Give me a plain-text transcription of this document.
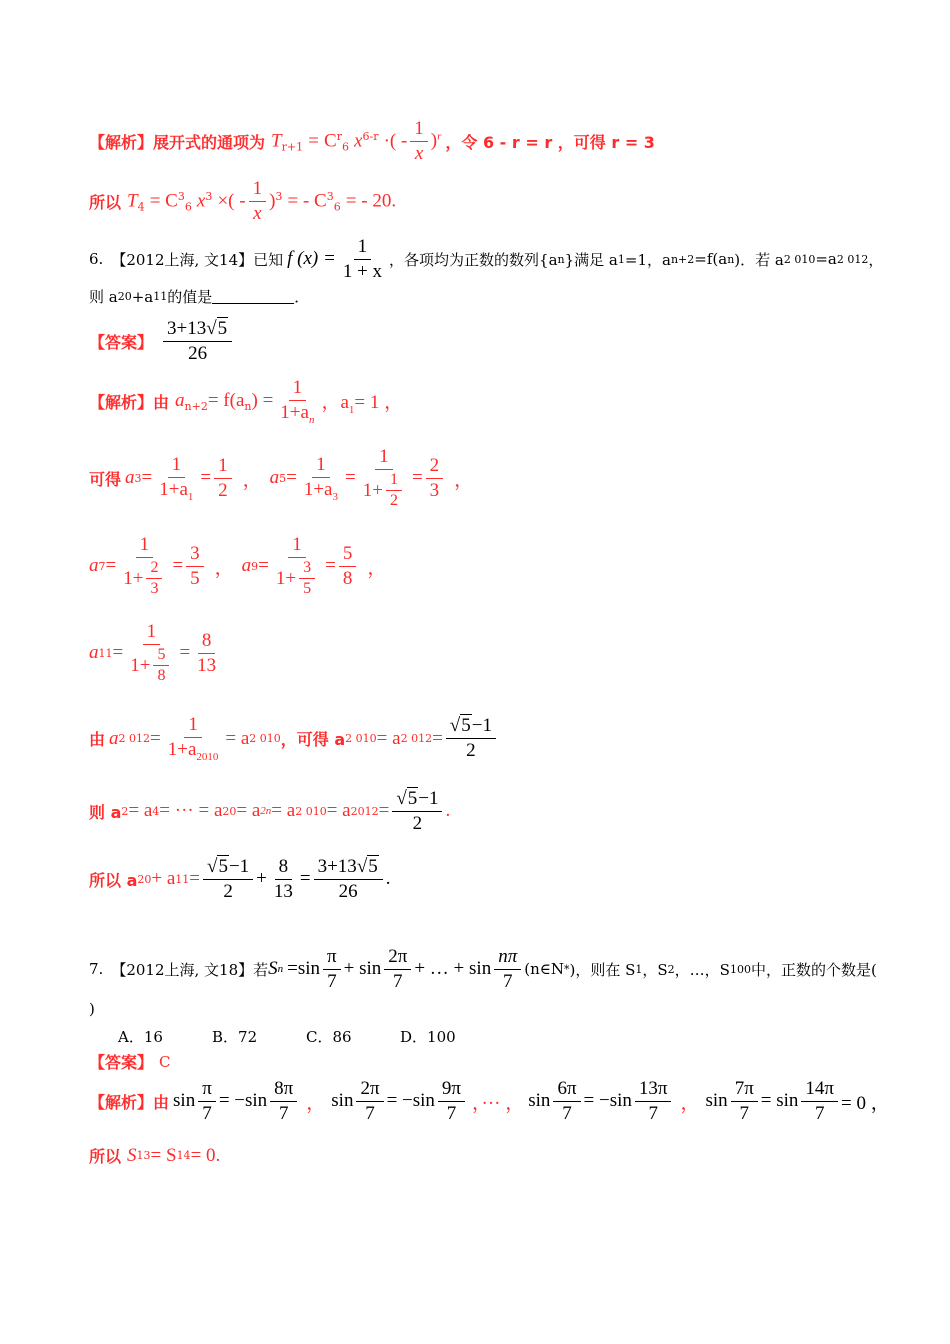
【解析】 展开式的通项为 $T_{r+1} = C^r_6$ $x^{6-r}$ ·( - $\frac{1}{x} )^r$ ，令 6 - r = r ，可得 r = 3
所以 $T_4 = C^3_6$ $x^3$ ×( - $\frac{1}{x} )^3$ = - $C^3_6$ = - 20.
6. 【2012上海, 文14】已知 f $(x) = \frac{1}{1 + x}$ ，各项均为正数的数列{a n }满足 a 1 =1，a n+2 =f(a n )．若 a 2 010 =a 2 012 ，
则 a 20 +a 11 的值是	．
【答案】 $\frac{3+13√5}{26}$
【解析】 由 $a_{n+2}= f(a_n) = \frac{1}{1+a_n}$ ，$a_1= 1$ ，
可得 a $3 = \frac{1}{1+a_1} = \frac{1}{2}$ ， a $5 = \frac{1}{1+a_3} = \frac{1}{1+ \frac{1}{2}} = \frac{2}{3}$ ，
a $7 = \frac{1}{1+ \frac{2}{3}} = \frac{3}{5}$ ， a $9 = \frac{1}{1+ \frac{3}{5}} = \frac{5}{8}$ ，
a $11 = \frac{1}{1+ \frac{5}{8}} = \frac{8}{13}$
由 a 2 $012 = \frac{1}{1+a_{2010}} = a$ 2 010 ，可得 a 2 010 = a 2 $012 = \frac{√5-1}{2}$
则 a 2 = a 4 = ··· = a 20 = a 2n = a 2 010 = a $2012 = \frac{√5-1}{2}$ .
所以 a 20 + a $11 = \frac{√5-1}{2} + \frac{8}{13} = \frac{3+13√5}{26}$ .
7. 【2012上海, 文18】若 S $n =\sin \frac{\pi}{7} + \sin \frac{2\pi}{7}$ + … + $\sin \frac{n\pi}{7}$ (n∈N * )，则在 S 1 ，S 2 ，…，S 100 中，正数的个数是(
)
A．16	B．72	C．86	D．100
【答案】 C
【解析】 由 $\sin \frac{\pi}{7} = -\sin \frac{8\pi}{7}$ ， $\sin \frac{2\pi}{7} = -\sin \frac{9\pi}{7}$ ，··· ， $\sin \frac{6\pi}{7} = -\sin \frac{13\pi}{7}$ ， $\sin \frac{7\pi}{7} = \sin \frac{14\pi}{7} = 0$ ，
所以 S 13 = S 14 = 0.
